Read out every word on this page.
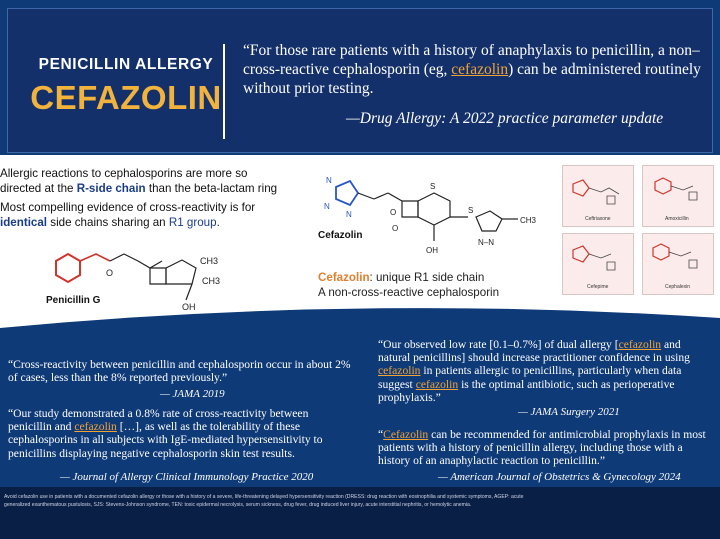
PENICILLIN ALLERGY
CEFAZOLIN
“For those rare patients with a history of anaphylaxis to penicillin, a non–cross-reactive cephalosporin (eg, cefazolin) can be administered routinely without prior testing.
—Drug Allergy: A 2022 practice parameter update
Allergic reactions to cephalosporins are more so
directed at the R-side chain than the beta-lactam ring
Most compelling evidence of cross-reactivity is for
identical side chains sharing an R1 group.
O
CH3
CH3
OH
Penicillin G
N
N
N	O
S
S
N–N
CH3
O
OH
Cefazolin
Cefazolin: unique R1 side chain
A non-cross-reactive cephalosporin
Ceftriaxone	Amoxicillin
Cefepime	Cephalexin
“Cross-reactivity between penicillin and cephalosporin occur in about 2% of cases, less than the 8% reported previously.”
— JAMA 2019
“Our study demonstrated a 0.8% rate of cross-reactivity between penicillin and cefazolin […], as well as the tolerability of these cephalosporins in all subjects with IgE-mediated hypersensitivity to penicillins displaying negative cephalosporin skin test results.
— Journal of Allergy Clinical Immunology Practice 2020
“Our observed low rate [0.1–0.7%] of dual allergy [cefazolin and natural penicillins] should increase practitioner confidence in using cefazolin in patients allergic to penicillins, particularly when data suggest cefazolin is the optimal antibiotic, such as perioperative prophylaxis.”
— JAMA Surgery 2021
“Cefazolin can be recommended for antimicrobial prophylaxis in most patients with a history of penicillin allergy, including those with a history of an anaphylactic reaction to penicillin.”
— American Journal of Obstetrics & Gynecology 2024
Avoid cefazolin use in patients with a documented cefazolin allergy or those with a history of a severe, life-threatening delayed hypersensitivity reaction (DRESS: drug reaction with eosinophilia and systemic symptoms, AGEP: acute
generalized exanthematous pustulosis, SJS: Stevens-Johnson syndrome, TEN: toxic epidermal necrolysis, serum sickness, drug fever, drug induced liver injury, acute interstitial nephritis, or hemolytic anemia.
